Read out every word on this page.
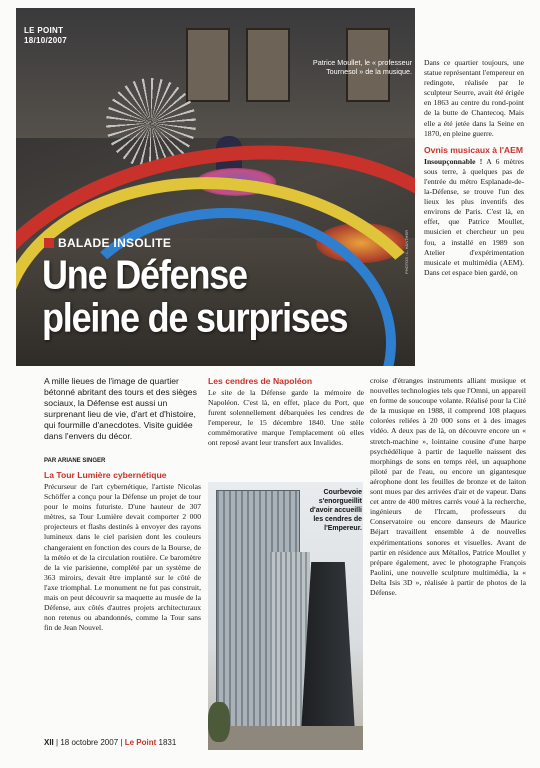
LE POINT
18/10/2007
Patrice Moullet, le « professeur Tournesol » de la musique.
PHOTOS : L. HANTHER
BALADE INSOLITE
Une Défense
pleine de surprises
Dans ce quartier toujours, une statue représentant l'empereur en redingote, réalisée par le sculpteur Seurre, avait été érigée en 1863 au centre du rond-point de la butte de Chantecoq. Mais elle a été jetée dans la Seine en 1870, en pleine guerre.
Ovnis musicaux à l'AEM
Insoupçonnable ! A 6 mètres sous terre, à quelques pas de l'entrée du métro Esplanade-de-la-Défense, se trouve l'un des lieux les plus inventifs des environs de Paris. C'est là, en effet, que Patrice Moullet, musicien et chercheur un peu fou, a installé en 1989 son Atelier d'expérimentation musicale et multimédia (AEM). Dans cet espace bien gardé, on
A mille lieues de l'image de quartier bétonné abritant des tours et des sièges sociaux, la Défense est aussi un surprenant lieu de vie, d'art et d'histoire, qui fourmille d'anecdotes. Visite guidée dans l'envers du décor.
PAR ARIANE SINGER
La Tour Lumière cybernétique
Précurseur de l'art cybernétique, l'artiste Nicolas Schöffer a conçu pour la Défense un projet de tour pour le moins futuriste. D'une hauteur de 307 mètres, sa Tour Lumière devait comporter 2 000 projecteurs et flashs destinés à envoyer des rayons lumineux dans le ciel parisien dont les couleurs changeraient en fonction des cours de la Bourse, de la météo et de la circulation routière. Ce baromètre de la vie parisienne, complété par un système de 363 miroirs, devait être implanté sur le côté de l'axe triomphal. Le monument ne fut pas construit, mais on peut découvrir sa maquette au musée de la Défense, aux côtés d'autres projets architecturaux non retenus ou abandonnés, comme la Tour sans fin de Jean Nouvel.
Les cendres de Napoléon
Le site de la Défense garde la mémoire de Napoléon. C'est là, en effet, place du Port, que furent solennellement débarquées les cendres de l'empereur, le 15 décembre 1840. Une stèle commémorative marque l'emplacement où elles ont reposé avant leur transfert aux Invalides.
Courbevoie s'enorgueillit d'avoir accueilli les cendres de l'Empereur.
croise d'étranges instruments alliant musique et nouvelles technologies tels que l'Omni, un appareil en forme de soucoupe volante. Réalisé pour la Cité de la musique en 1988, il comprend 108 plaques colorées reliées à 20 000 sons et à des images vidéo. A deux pas de là, on découvre encore un « stretch-machine », lointaine cousine d'une harpe psychédélique à partir de laquelle naissent des morphings de sons en temps réel, un aquaphone piloté par de l'eau, ou encore un gigantesque aérophone dont les feuilles de bronze et de laiton sont mues par des arrivées d'air et de vapeur. Dans cet antre de 400 mètres carrés voué à la recherche, ingénieurs de l'Ircam, professeurs du Conservatoire ou encore danseurs de Maurice Béjart travaillent ensemble à de nouvelles expérimentations sonores et visuelles. Avant de partir en résidence aux Métallos, Patrice Moullet y prépare également, avec le photographe François Paolini, une nouvelle sculpture multimédia, la « Delta Isis 3D », réalisée à partir de photos de la Défense.
XII | 18 octobre 2007 | Le Point 1831
